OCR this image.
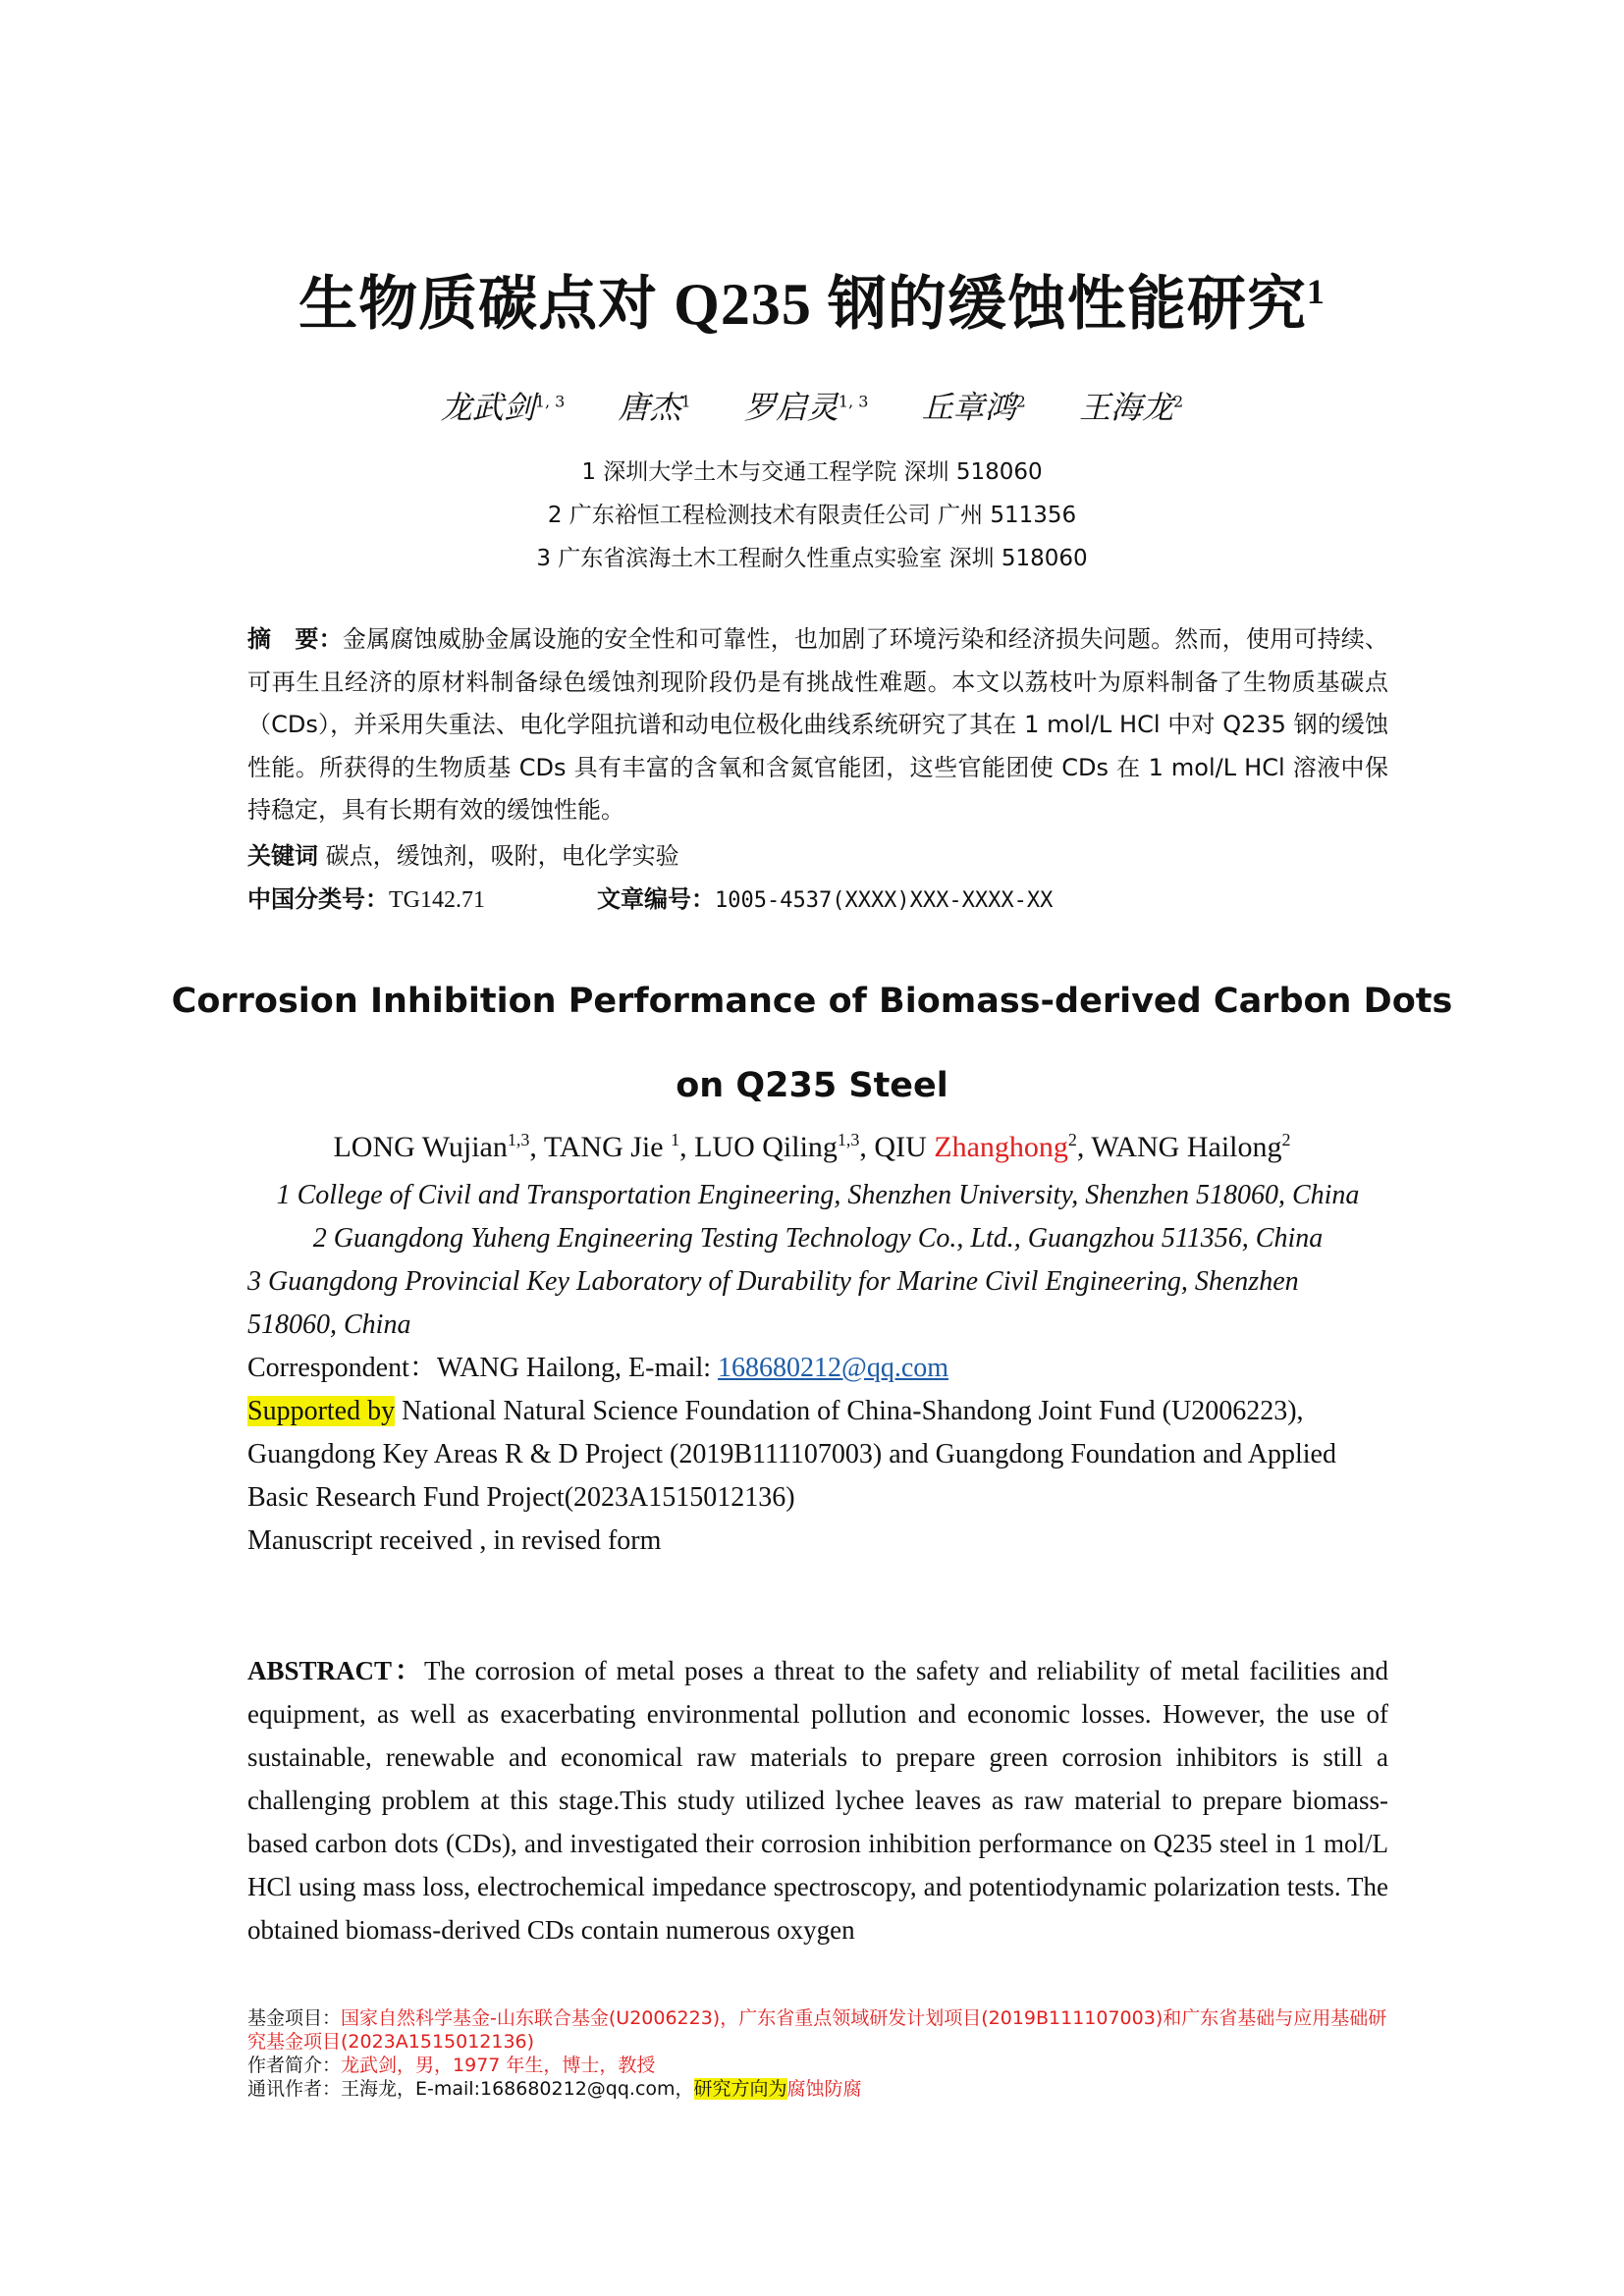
生物质碳点对 Q235 钢的缓蚀性能研究$^1$
龙武剑$^{1, 3}$ 唐杰$^1$ 罗启灵$^{1, 3}$ 丘章鸿$^2$ 王海龙$^2$
1 深圳大学土木与交通工程学院 深圳 518060
2 广东裕恒工程检测技术有限责任公司 广州 511356
3 广东省滨海土木工程耐久性重点实验室 深圳 518060
摘　要：金属腐蚀威胁金属设施的安全性和可靠性，也加剧了环境污染和经济损失问题。然而，使用可持续、可再生且经济的原材料制备绿色缓蚀剂现阶段仍是有挑战性难题。本文以荔枝叶为原料制备了生物质基碳点（CDs），并采用失重法、电化学阻抗谱和动电位极化曲线系统研究了其在 1 mol/L HCl 中对 Q235 钢的缓蚀性能。所获得的生物质基 CDs 具有丰富的含氧和含氮官能团，这些官能团使 CDs 在 1 mol/L HCl 溶液中保持稳定，具有长期有效的缓蚀性能。
关键词 碳点，缓蚀剂，吸附，电化学实验
中国分类号：TG142.71	文章编号：1005-4537(XXXX)XXX-XXXX-XX
Corrosion Inhibition Performance of Biomass-derived Carbon Dots
on Q235 Steel
LONG Wujian$^{1,3}$, TANG Jie $^1$, LUO Qiling$^{1,3}$, QIU Zhanghong$^2$, WANG Hailong$^2$
1 College of Civil and Transportation Engineering, Shenzhen University, Shenzhen 518060, China
2 Guangdong Yuheng Engineering Testing Technology Co., Ltd., Guangzhou 511356, China
3 Guangdong Provincial Key Laboratory of Durability for Marine Civil Engineering, Shenzhen 518060, China
Correspondent：WANG Hailong, E-mail: 168680212@qq.com
Supported by National Natural Science Foundation of China-Shandong Joint Fund (U2006223), Guangdong Key Areas R & D Project (2019B111107003) and Guangdong Foundation and Applied Basic Research Fund Project(2023A1515012136)
Manuscript received , in revised form
ABSTRACT：The corrosion of metal poses a threat to the safety and reliability of metal facilities and equipment, as well as exacerbating environmental pollution and economic losses. However, the use of sustainable, renewable and economical raw materials to prepare green corrosion inhibitors is still a challenging problem at this stage.This study utilized lychee leaves as raw material to prepare biomass-based carbon dots (CDs), and investigated their corrosion inhibition performance on Q235 steel in 1 mol/L HCl using mass loss, electrochemical impedance spectroscopy, and potentiodynamic polarization tests. The obtained biomass-derived CDs contain numerous oxygen
基金项目：国家自然科学基金-山东联合基金(U2006223)，广东省重点领域研发计划项目(2019B111107003)和广东省基础与应用基础研究基金项目(2023A1515012136)
作者简介：龙武剑，男，1977 年生，博士，教授
通讯作者：王海龙，E-mail:168680212@qq.com，研究方向为腐蚀防腐
